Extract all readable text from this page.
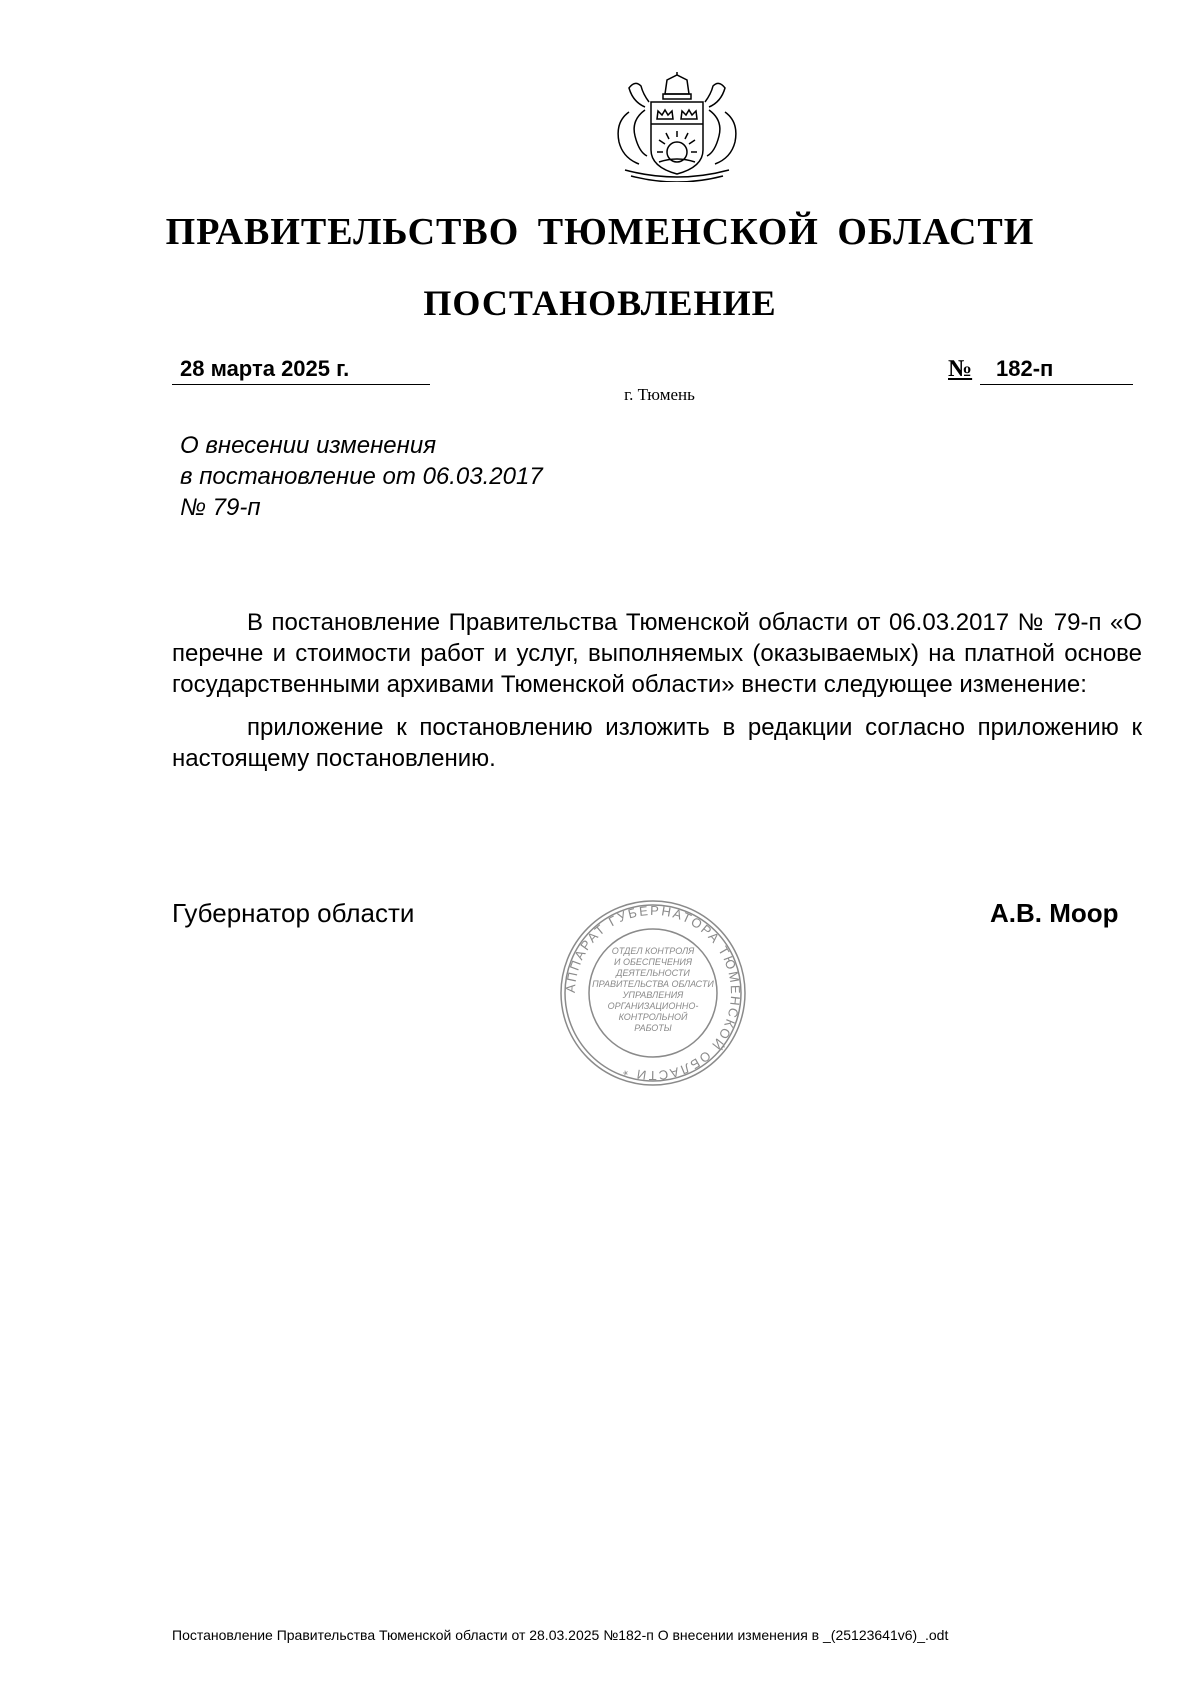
ПРАВИТЕЛЬСТВО ТЮМЕНСКОЙ ОБЛАСТИ
ПОСТАНОВЛЕНИЕ
28 марта 2025 г.	№ 182-п
г. Тюмень
О внесении изменения
в постановление от 06.03.2017
№ 79-п

В постановление Правительства Тюменской области от 06.03.2017 № 79-п «О перечне и стоимости работ и услуг, выполняемых (оказываемых) на платной основе государственными архивами Тюменской области» внести следующее изменение:

приложение к постановлению изложить в редакции согласно приложению к настоящему постановлению.

Губернатор области	А.В. Моор
АППАРАТ ГУБЕРНАТОРА ТЮМЕНСКОЙ ОБЛАСТИ *
ОТДЕЛ КОНТРОЛЯ
И ОБЕСПЕЧЕНИЯ
ДЕЯТЕЛЬНОСТИ
ПРАВИТЕЛЬСТВА ОБЛАСТИ
УПРАВЛЕНИЯ
ОРГАНИЗАЦИОННО-
КОНТРОЛЬНОЙ
РАБОТЫ
Постановление Правительства Тюменской области от 28.03.2025 №182-п О внесении изменения в _(25123641v6)_.odt
